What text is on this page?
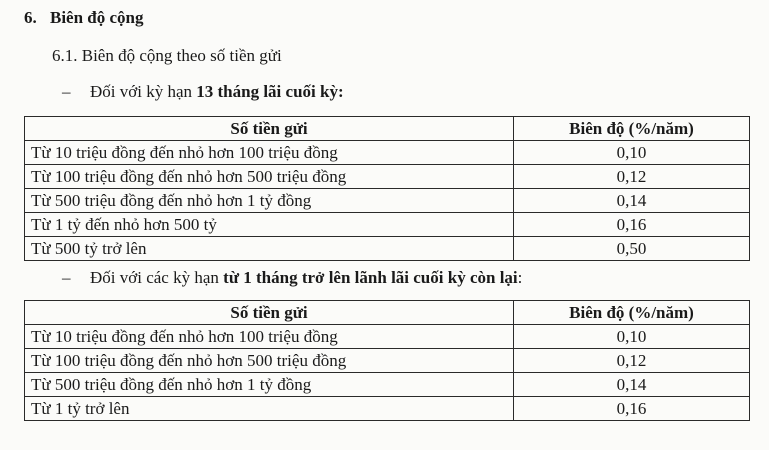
6. Biên độ cộng
6.1. Biên độ cộng theo số tiền gửi
– Đối với kỳ hạn 13 tháng lãi cuối kỳ:
Số tiền gửi	Biên độ (%/năm)
Từ 10 triệu đồng đến nhỏ hơn 100 triệu đồng	0,10
Từ 100 triệu đồng đến nhỏ hơn 500 triệu đồng	0,12
Từ 500 triệu đồng đến nhỏ hơn 1 tỷ đồng	0,14
Từ 1 tỷ đến nhỏ hơn 500 tỷ	0,16
Từ 500 tỷ trở lên	0,50
– Đối với các kỳ hạn từ 1 tháng trở lên lãnh lãi cuối kỳ còn lại:
Số tiền gửi	Biên độ (%/năm)
Từ 10 triệu đồng đến nhỏ hơn 100 triệu đồng	0,10
Từ 100 triệu đồng đến nhỏ hơn 500 triệu đồng	0,12
Từ 500 triệu đồng đến nhỏ hơn 1 tỷ đồng	0,14
Từ 1 tỷ trở lên	0,16
